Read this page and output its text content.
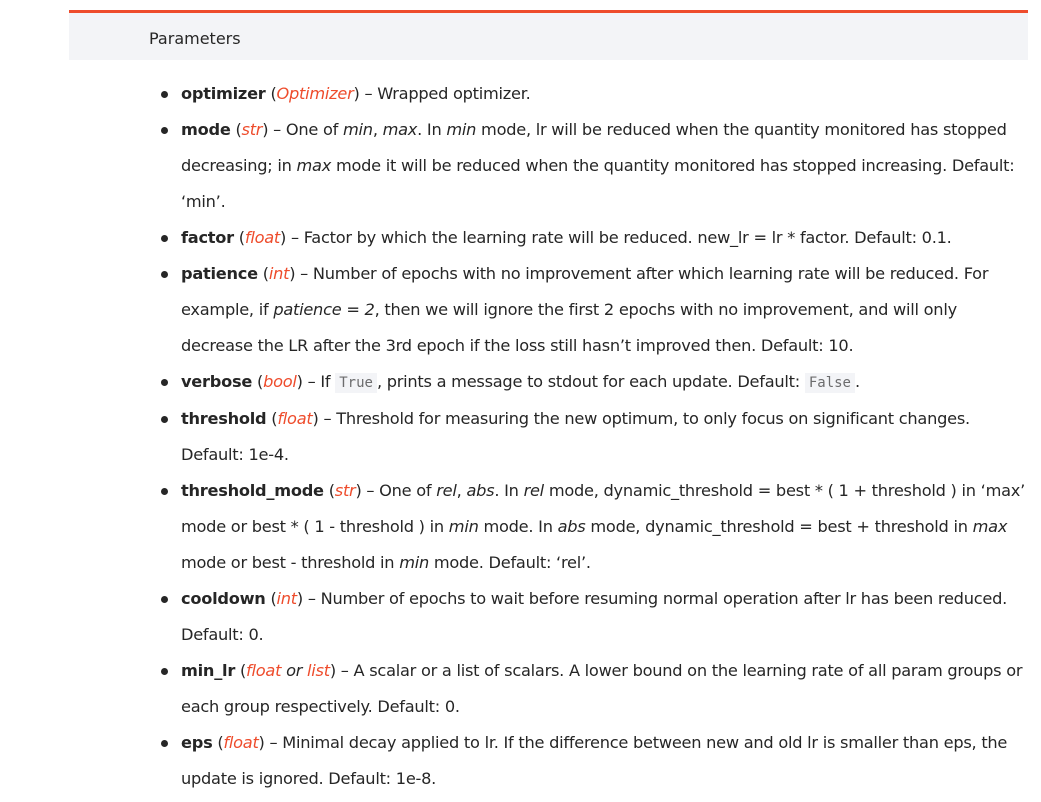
Parameters
optimizer (Optimizer) – Wrapped optimizer.
mode (str) – One of min, max. In min mode, lr will be reduced when the quantity monitored has stopped decreasing; in max mode it will be reduced when the quantity monitored has stopped increasing. Default: ‘min’.
factor (float) – Factor by which the learning rate will be reduced. new_lr = lr * factor. Default: 0.1.
patience (int) – Number of epochs with no improvement after which learning rate will be reduced. For example, if patience = 2, then we will ignore the first 2 epochs with no improvement, and will only decrease the LR after the 3rd epoch if the loss still hasn’t improved then. Default: 10.
verbose (bool) – If True , prints a message to stdout for each update. Default: False .
threshold (float) – Threshold for measuring the new optimum, to only focus on significant changes. Default: 1e-4.
threshold_mode (str) – One of rel, abs. In rel mode, dynamic_threshold = best * ( 1 + threshold ) in ‘max’ mode or best * ( 1 - threshold ) in min mode. In abs mode, dynamic_threshold = best + threshold in max mode or best - threshold in min mode. Default: ‘rel’.
cooldown (int) – Number of epochs to wait before resuming normal operation after lr has been reduced. Default: 0.
min_lr (float or list) – A scalar or a list of scalars. A lower bound on the learning rate of all param groups or each group respectively. Default: 0.
eps (float) – Minimal decay applied to lr. If the difference between new and old lr is smaller than eps, the update is ignored. Default: 1e-8.
